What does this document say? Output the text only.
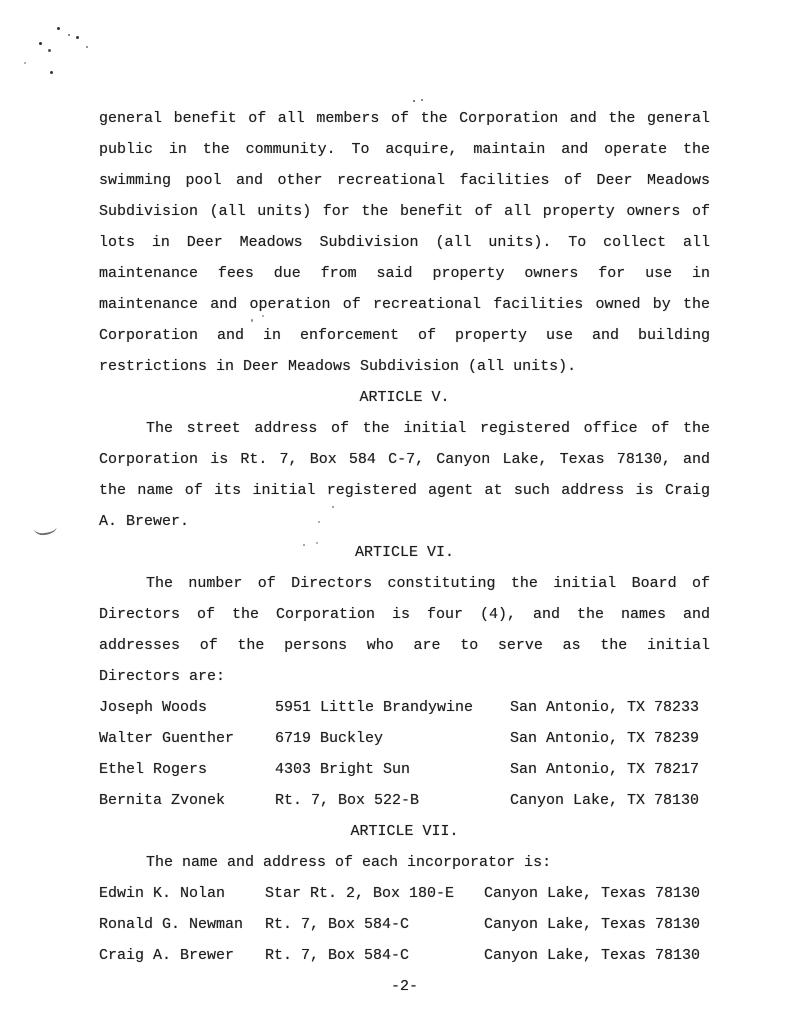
general benefit of all members of the Corporation and the general
public in the community. To acquire, maintain and operate the
swimming pool and other recreational facilities of Deer Meadows
Subdivision (all units) for the benefit of all property owners of
lots in Deer Meadows Subdivision (all units). To collect all
maintenance fees due from said property owners for use in
maintenance and operation of recreational facilities owned by the
Corporation and in enforcement of property use and building
restrictions in Deer Meadows Subdivision (all units).
ARTICLE V.
The street address of the initial registered office of the
Corporation is Rt. 7, Box 584 C-7, Canyon Lake, Texas 78130, and
the name of its initial registered agent at such address is Craig
A. Brewer.
ARTICLE VI.
The number of Directors constituting the initial Board of
Directors of the Corporation is four (4), and the names and
addresses of the persons who are to serve as the initial
Directors are:
Joseph Woods	5951 Little Brandywine San Antonio, TX 78233
Walter Guenther	6719 Buckley	San Antonio, TX 78239
Ethel Rogers	4303 Bright Sun	San Antonio, TX 78217
Bernita Zvonek	Rt. 7, Box 522-B	Canyon Lake, TX 78130
ARTICLE VII.
The name and address of each incorporator is:
Edwin K. Nolan	Star Rt. 2, Box 180-E Canyon Lake, Texas 78130
Ronald G. Newman Rt. 7, Box 584-C	Canyon Lake, Texas 78130
Craig A. Brewer Rt. 7, Box 584-C	Canyon Lake, Texas 78130
-2-
